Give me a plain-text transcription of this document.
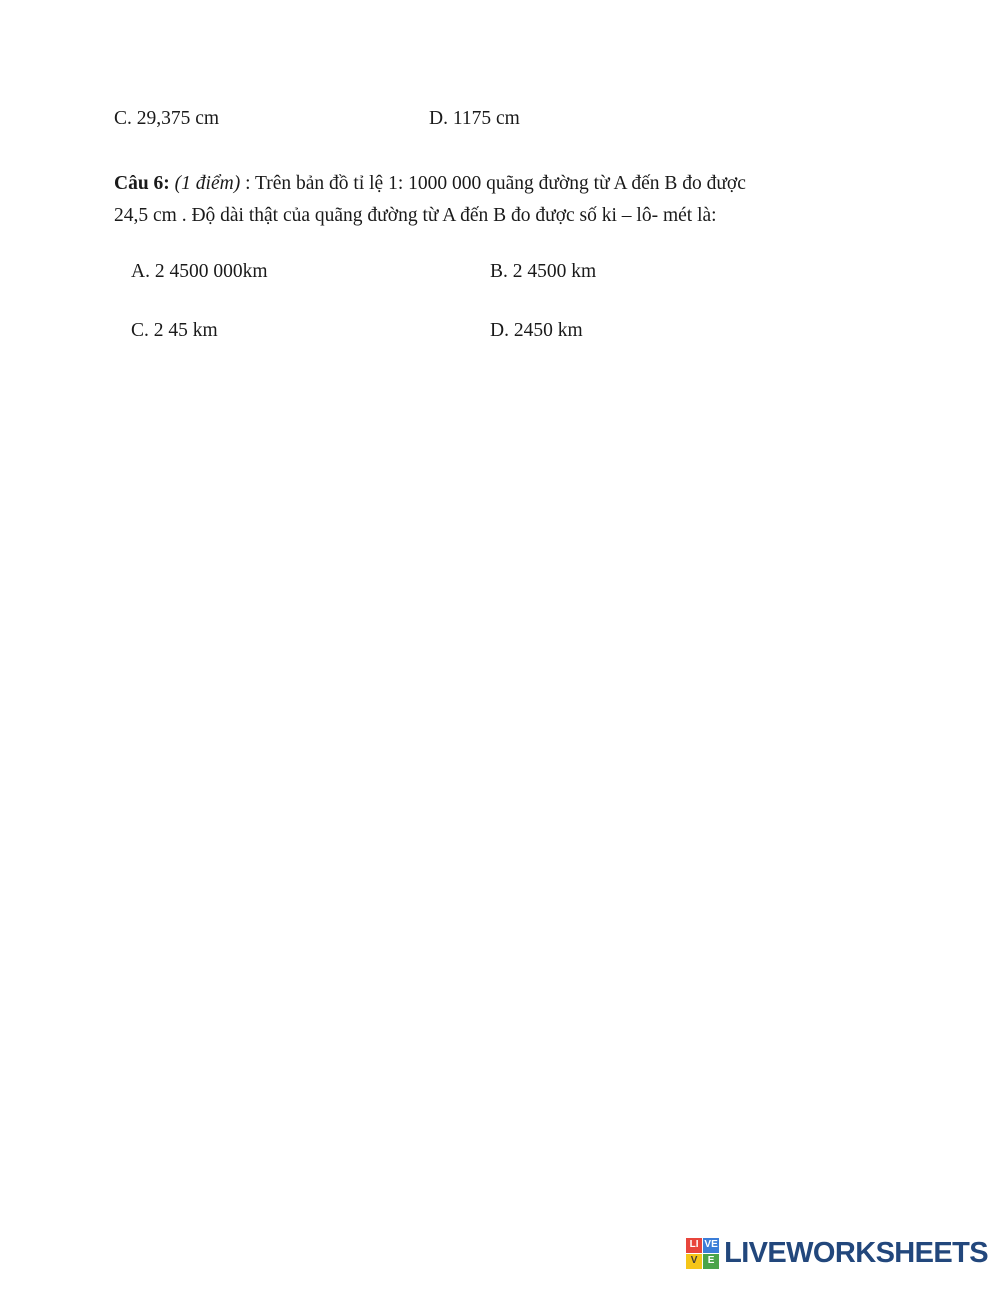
C. 29,375 cm	D. 1175 cm
Câu 6: (1 điểm) : Trên bản đồ tỉ lệ 1: 1000 000 quãng đường từ A đến B đo được
24,5 cm . Độ dài thật của quãng đường từ A đến B đo được số ki – lô- mét là:
A. 2 4500 000km	B. 2 4500 km
C. 2 45 km	D. 2450 km
LI VE
V	E LIVEWORKSHEETS
